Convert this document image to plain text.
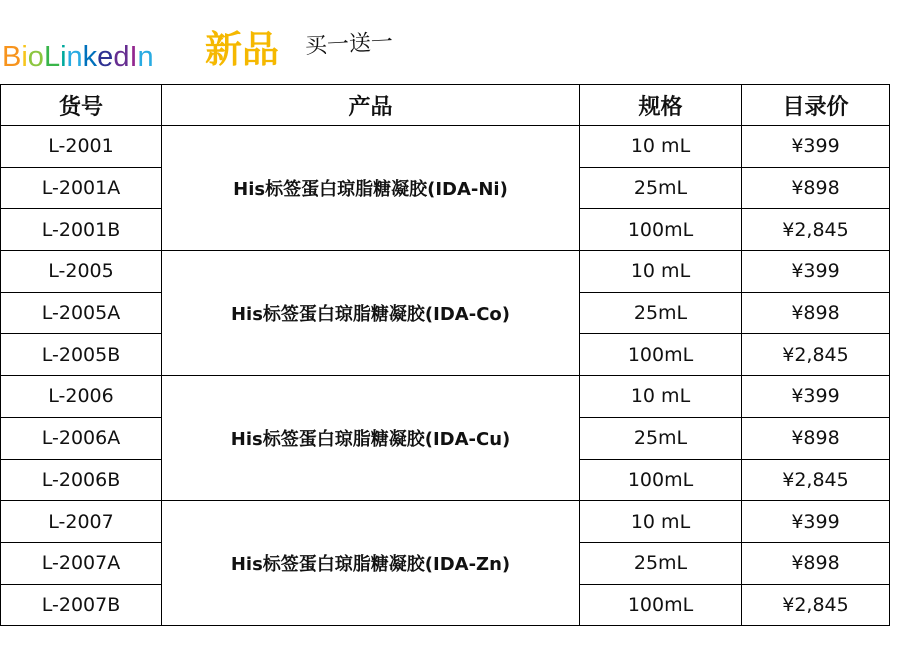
BioLinkedIn 新品 买一送一
货号	产品	规格	目录价
L-2001	His标签蛋白琼脂糖凝胶(IDA-Ni)	10 mL	¥399
L-2001A		25mL	¥898
L-2001B		100mL	¥2,845
L-2005	His标签蛋白琼脂糖凝胶(IDA-Co)	10 mL	¥399
L-2005A		25mL	¥898
L-2005B		100mL	¥2,845
L-2006	His标签蛋白琼脂糖凝胶(IDA-Cu)	10 mL	¥399
L-2006A		25mL	¥898
L-2006B		100mL	¥2,845
L-2007	His标签蛋白琼脂糖凝胶(IDA-Zn)	10 mL	¥399
L-2007A		25mL	¥898
L-2007B		100mL	¥2,845
